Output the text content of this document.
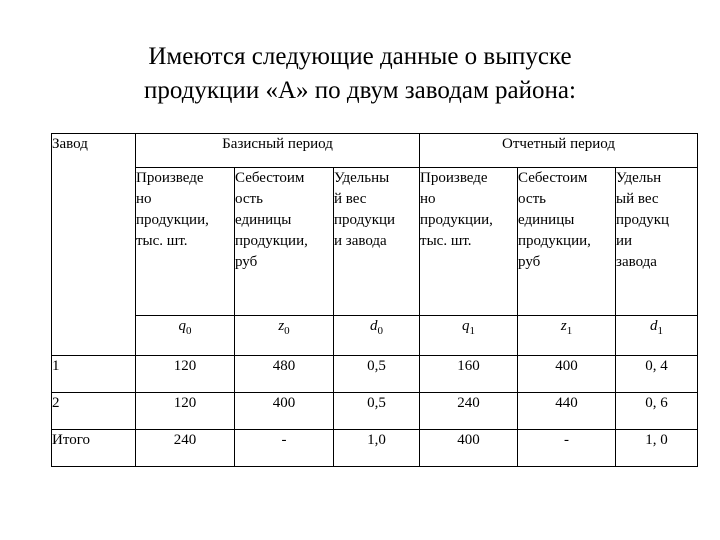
Имеются следующие данные о выпуске
продукции «А» по двум заводам района:
Завод	Базисный период			Отчетный период		

	Произведе
но
продукции,
тыс. шт.	Себестоим
ость
единицы
продукции,
руб	Удельны
й вес
продукци
и завода	Произведе
но
продукции,
тыс. шт.	Себестоим
ость
единицы
продукции,
руб	Удельн
ый вес
продукц
ии
завода

	$q_0$	$z_0$	$d_0$	$q_1$	$z_1$	$d_1$
1	120	480	0,5	160	400	0, 4
2	120	400	0,5	240	440	0, 6
Итого	240	-	1,0	400	-	1, 0
